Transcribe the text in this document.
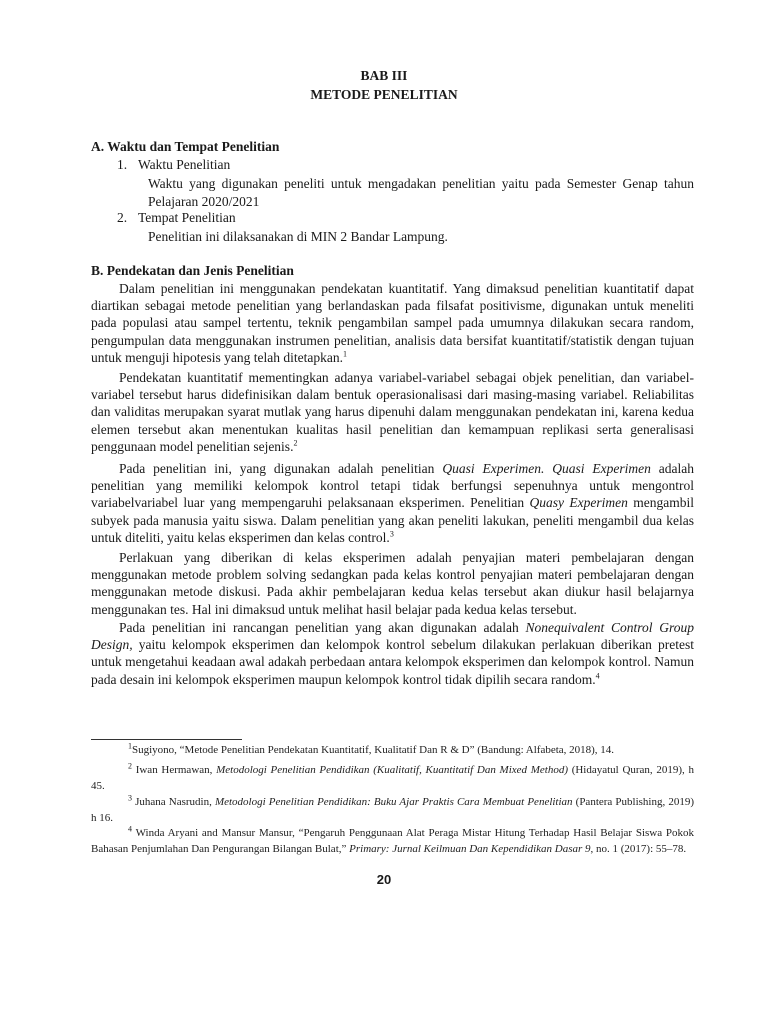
BAB III
METODE PENELITIAN
A. Waktu dan Tempat Penelitian
1. Waktu Penelitian
Waktu yang digunakan peneliti untuk mengadakan penelitian yaitu pada Semester Genap tahun Pelajaran 2020/2021
2. Tempat Penelitian
Penelitian ini dilaksanakan di MIN 2 Bandar Lampung.
B. Pendekatan dan Jenis Penelitian

Dalam penelitian ini menggunakan pendekatan kuantitatif. Yang dimaksud penelitian kuantitatif dapat diartikan sebagai metode penelitian yang berlandaskan pada filsafat positivisme, digunakan untuk meneliti pada populasi atau sampel tertentu, teknik pengambilan sampel pada umumnya dilakukan secara random, pengumpulan data menggunakan instrumen penelitian, analisis data bersifat kuantitatif/statistik dengan tujuan untuk menguji hipotesis yang telah ditetapkan.$^1$

Pendekatan kuantitatif mementingkan adanya variabel-variabel sebagai objek penelitian, dan variabel-variabel tersebut harus didefinisikan dalam bentuk operasionalisasi dari masing-masing variabel. Reliabilitas dan validitas merupakan syarat mutlak yang harus dipenuhi dalam menggunakan pendekatan ini, karena kedua elemen tersebut akan menentukan kualitas hasil penelitian dan kemampuan replikasi serta generalisasi penggunaan model penelitian sejenis.$^2$

Pada penelitian ini, yang digunakan adalah penelitian Quasi Experimen. Quasi Experimen adalah penelitian yang memiliki kelompok kontrol tetapi tidak berfungsi sepenuhnya untuk mengontrol variabelvariabel luar yang mempengaruhi pelaksanaan eksperimen. Penelitian Quasy Experimen mengambil subyek pada manusia yaitu siswa. Dalam penelitian yang akan peneliti lakukan, peneliti mengambil dua kelas untuk diteliti, yaitu kelas eksperimen dan kelas control.$^3$

Perlakuan yang diberikan di kelas eksperimen adalah penyajian materi pembelajaran dengan menggunakan metode problem solving sedangkan pada kelas kontrol penyajian materi pembelajaran dengan menggunakan metode diskusi. Pada akhir pembelajaran kedua kelas tersebut akan diukur hasil belajarnya menggunakan tes. Hal ini dimaksud untuk melihat hasil belajar pada kedua kelas tersebut.

Pada penelitian ini rancangan penelitian yang akan digunakan adalah Nonequivalent Control Group Design, yaitu kelompok eksperimen dan kelompok kontrol sebelum dilakukan perlakuan diberikan pretest untuk mengetahui keadaan awal adakah perbedaan antara kelompok eksperimen dan kelompok kontrol. Namun pada desain ini kelompok eksperimen maupun kelompok kontrol tidak dipilih secara random.$^4$

$^1$Sugiyono, “Metode Penelitian Pendekatan Kuantitatif, Kualitatif Dan R & D” (Bandung: Alfabeta, 2018), 14.

$^2$ Iwan Hermawan, Metodologi Penelitian Pendidikan (Kualitatif, Kuantitatif Dan Mixed Method) (Hidayatul Quran, 2019), h 45.

$^3$ Juhana Nasrudin, Metodologi Penelitian Pendidikan: Buku Ajar Praktis Cara Membuat Penelitian (Pantera Publishing, 2019) h 16.

$^4$ Winda Aryani and Mansur Mansur, “Pengaruh Penggunaan Alat Peraga Mistar Hitung Terhadap Hasil Belajar Siswa Pokok Bahasan Penjumlahan Dan Pengurangan Bilangan Bulat,” Primary: Jurnal Keilmuan Dan Kependidikan Dasar 9, no. 1 (2017): 55–78.

20
